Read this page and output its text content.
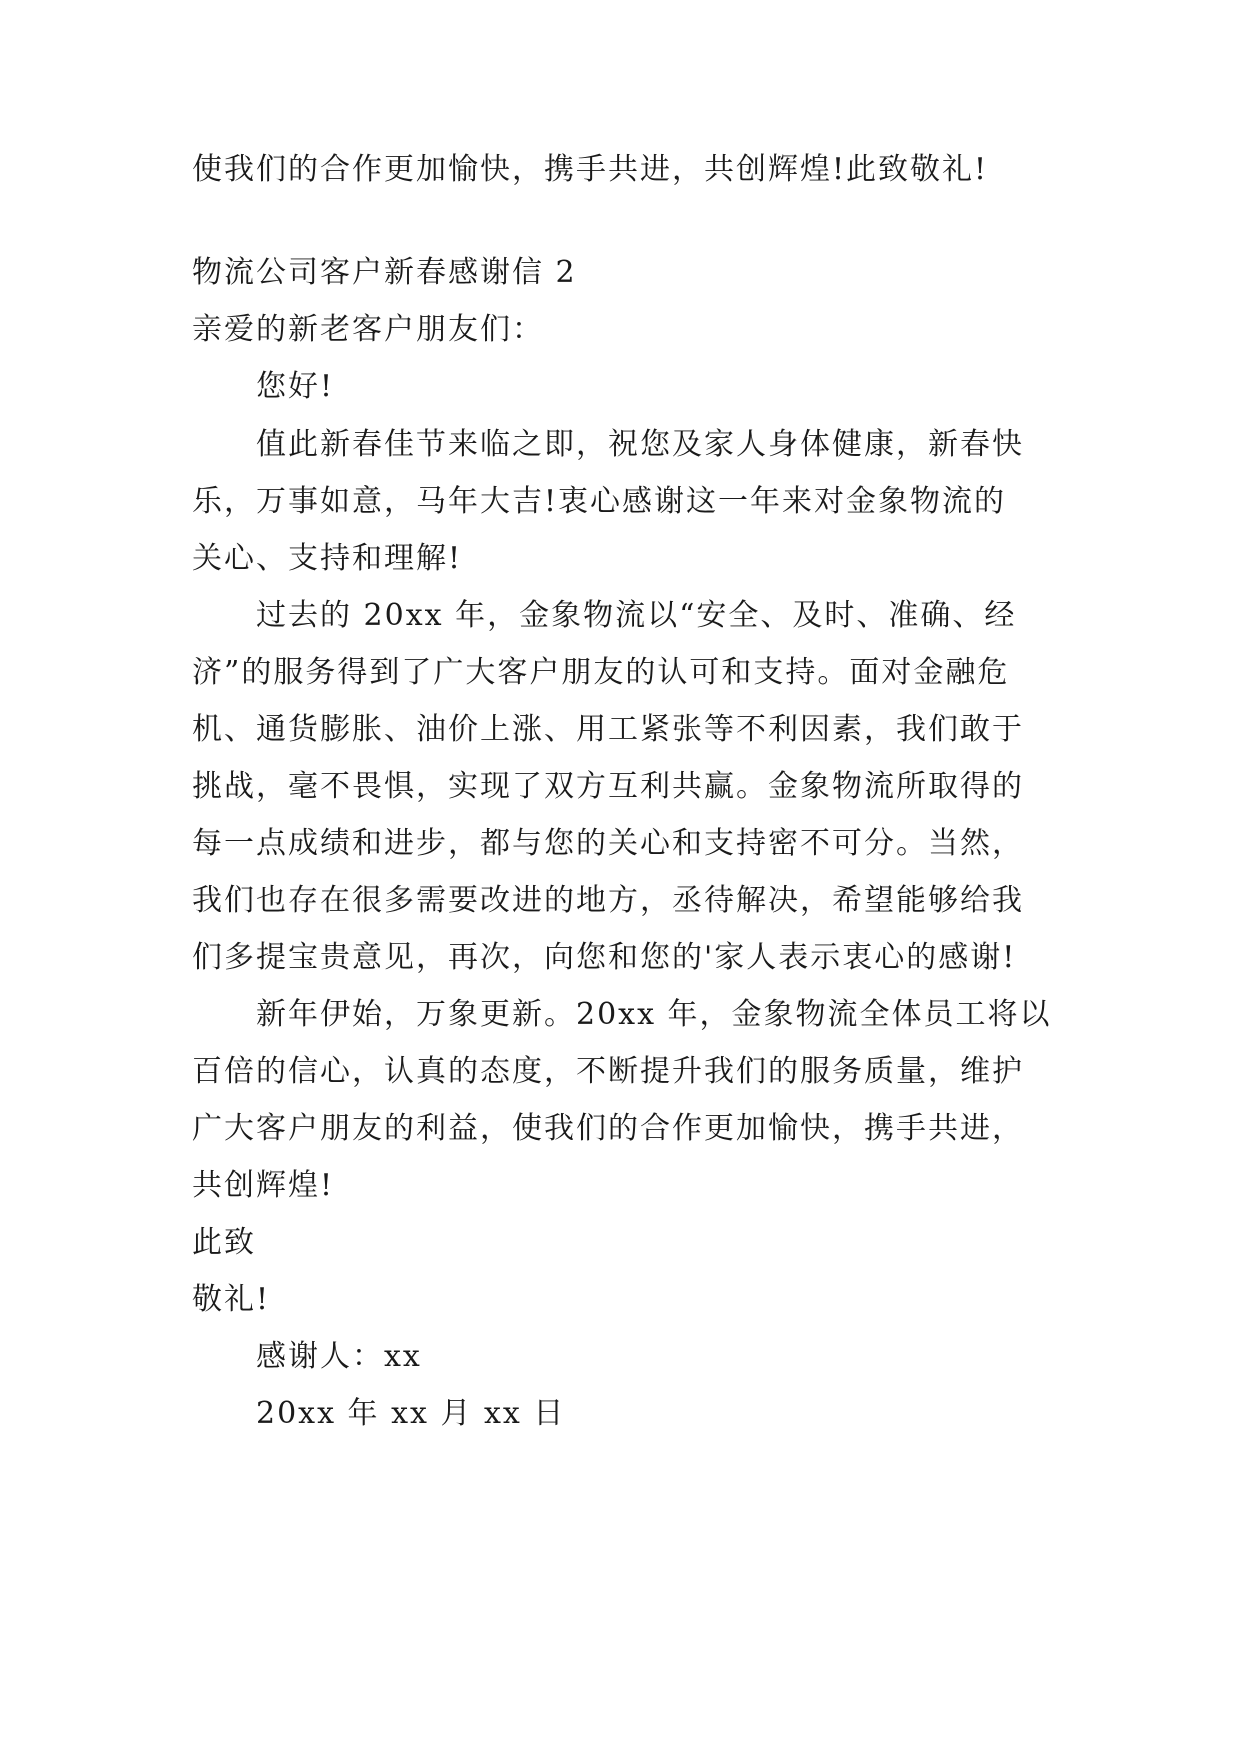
使我们的合作更加愉快，携手共进，共创辉煌!此致敬礼!
物流公司客户新春感谢信 2
亲爱的新老客户朋友们：
您好!
值此新春佳节来临之即，祝您及家人身体健康，新春快
乐，万事如意，马年大吉!衷心感谢这一年来对金象物流的
关心、支持和理解!
过去的 20xx 年，金象物流以“安全、及时、准确、经
济”的服务得到了广大客户朋友的认可和支持。面对金融危
机、通货膨胀、油价上涨、用工紧张等不利因素，我们敢于
挑战，毫不畏惧，实现了双方互利共赢。金象物流所取得的
每一点成绩和进步，都与您的关心和支持密不可分。当然，
我们也存在很多需要改进的地方，丞待解决，希望能够给我
们多提宝贵意见，再次，向您和您的'家人表示衷心的感谢!
新年伊始，万象更新。20xx 年，金象物流全体员工将以
百倍的信心，认真的态度，不断提升我们的服务质量，维护
广大客户朋友的利益，使我们的合作更加愉快，携手共进，
共创辉煌!
此致
敬礼!
感谢人：xx
20xx 年 xx 月 xx 日
